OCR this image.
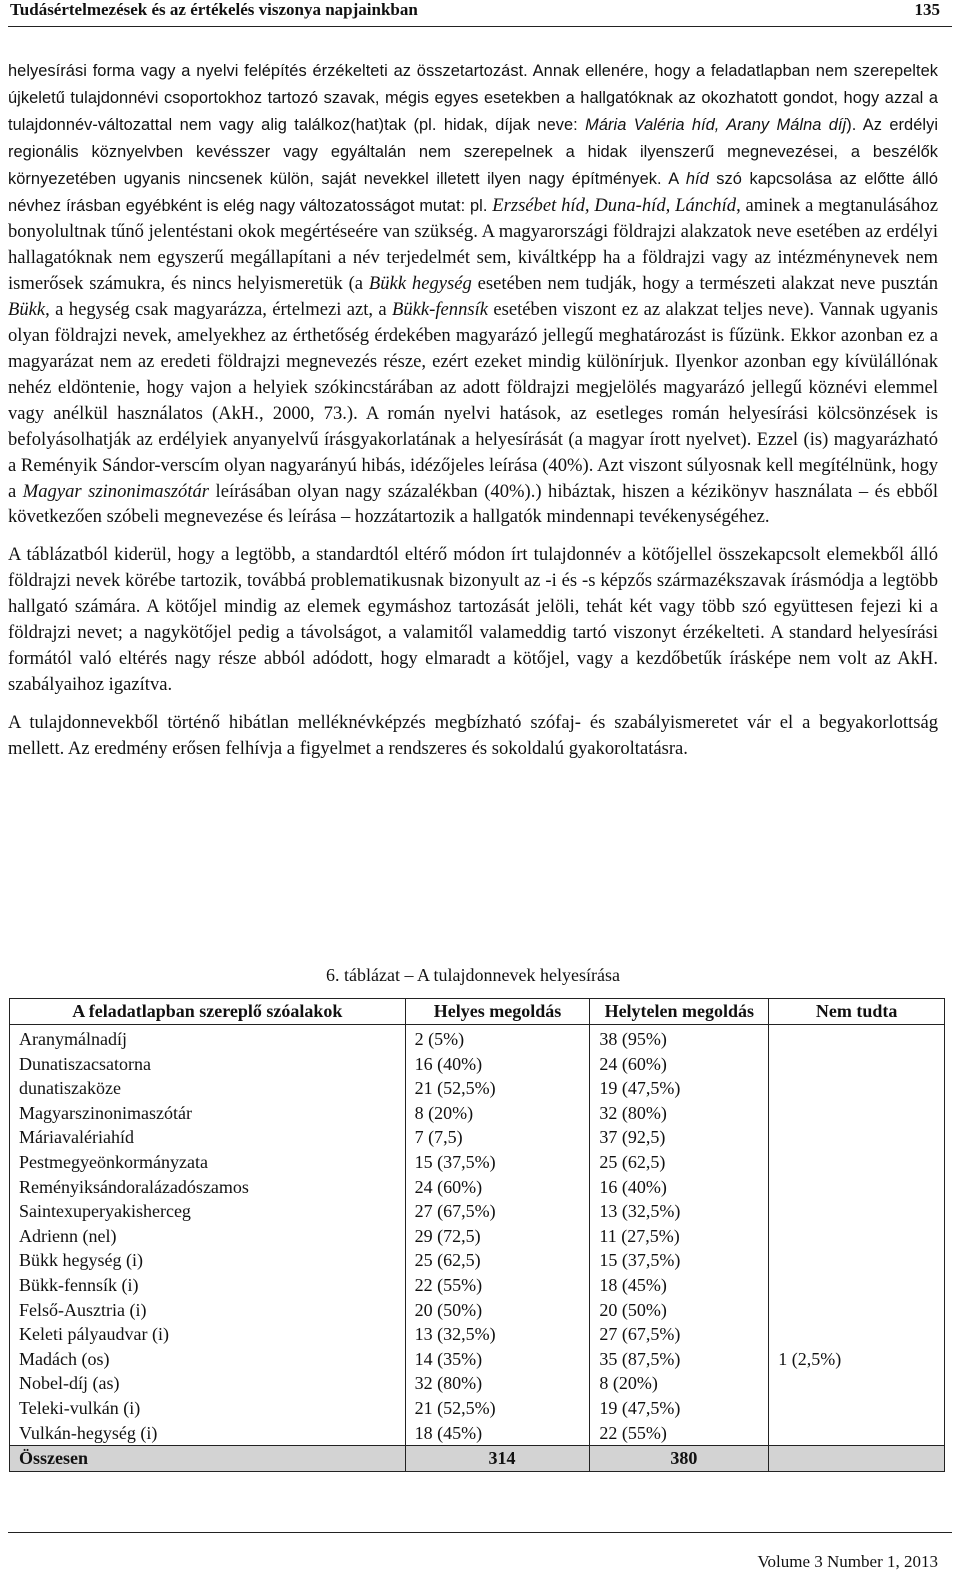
Tudásértelmezések és az értékelés viszonya napjainkban	135

helyesírási forma vagy a nyelvi felépítés érzékelteti az összetartozást. Annak ellenére, hogy a feladatlapban nem szerepeltek újkeletű tulajdonnévi csoportokhoz tartozó szavak, mégis egyes esetekben a hallgatóknak az okozhatott gondot, hogy azzal a tulajdonnév-változattal nem vagy alig találkoz(hat)tak (pl. hidak, díjak neve: Mária Valéria híd, Arany Málna díj). Az erdélyi regionális köznyelvben kevésszer vagy egyáltalán nem szerepelnek a hidak ilyenszerű megnevezései, a beszélők környezetében ugyanis nincsenek külön, saját nevekkel illetett ilyen nagy építmények. A híd szó kapcsolása az előtte álló névhez írásban egyébként is elég nagy változatosságot mutat: pl. Erzsébet híd, Duna-híd, Lánchíd, aminek a megtanulásához bonyolultnak tűnő jelentéstani okok megértéseére van szükség. A magyarországi földrajzi alakzatok neve esetében az erdélyi hallagatóknak nem egyszerű megállapítani a név terjedelmét sem, kiváltképp ha a földrajzi vagy az intézménynevek nem ismerősek számukra, és nincs helyismeretük (a Bükk hegység esetében nem tudják, hogy a természeti alakzat neve pusztán Bükk, a hegység csak magyarázza, értelmezi azt, a Bükk-fennsík esetében viszont ez az alakzat teljes neve). Vannak ugyanis olyan földrajzi nevek, amelyekhez az érthetőség érdekében magyarázó jellegű meghatározást is fűzünk. Ekkor azonban ez a magyarázat nem az eredeti földrajzi megnevezés része, ezért ezeket mindig különírjuk. Ilyenkor azonban egy kívülállónak nehéz eldöntenie, hogy vajon a helyiek szókincstárában az adott földrajzi megjelölés magyarázó jellegű köznévi elemmel vagy anélkül használatos (AkH., 2000, 73.). A román nyelvi hatások, az esetleges román helyesírási kölcsönzések is befolyásolhatják az erdélyiek anyanyelvű írásgyakorlatának a helyesírását (a magyar írott nyelvet). Ezzel (is) magyarázható a Reményik Sándor-verscím olyan nagyarányú hibás, idézőjeles leírása (40%). Azt viszont súlyosnak kell megítélnünk, hogy a Magyar szinonimaszótár leírásában olyan nagy százalékban (40%).) hibáztak, hiszen a kézikönyv használata – és ebből következően szóbeli megnevezése és leírása – hozzátartozik a hallgatók mindennapi tevékenységéhez.

A táblázatból kiderül, hogy a legtöbb, a standardtól eltérő módon írt tulajdonnév a kötőjellel összekapcsolt elemekből álló földrajzi nevek körébe tartozik, továbbá problematikusnak bizonyult az -i és -s képzős származékszavak írásmódja a legtöbb hallgató számára. A kötőjel mindig az elemek egymáshoz tartozását jelöli, tehát két vagy több szó együttesen fejezi ki a földrajzi nevet; a nagykötőjel pedig a távolságot, a valamitől valameddig tartó viszonyt érzékelteti. A standard helyesírási formától való eltérés nagy része abból adódott, hogy elmaradt a kötőjel, vagy a kezdőbetűk írásképe nem volt az AkH. szabályaihoz igazítva.

A tulajdonnevekből történő hibátlan melléknévképzés megbízható szófaj- és szabályismeretet vár el a begyakorlottság mellett. Az eredmény erősen felhívja a figyelmet a rendszeres és sokoldalú gyakoroltatásra.

6. táblázat – A tulajdonnevek helyesírása
A feladatlapban szereplő szóalakok	Helyes megoldás	Helytelen megoldás	Nem tudta
Aranymálnadíj	2 (5%)	38 (95%)	
Dunatiszacsatorna	16 (40%)	24 (60%)	
dunatiszaköze	21 (52,5%)	19 (47,5%)	
Magyarszinonimaszótár	8 (20%)	32 (80%)	
Máriavalériahíd	7 (7,5)	37 (92,5)	
Pestmegyeönkormányzata	15 (37,5%)	25 (62,5)	
Reményiksándoralázadószamos	24 (60%)	16 (40%)	
Saintexuperyakisherceg	27 (67,5%)	13 (32,5%)	
Adrienn (nel)	29 (72,5)	11 (27,5%)	
Bükk hegység (i)	25 (62,5)	15 (37,5%)	
Bükk-fennsík (i)	22 (55%)	18 (45%)	
Felső-Ausztria (i)	20 (50%)	20 (50%)	
Keleti pályaudvar (i)	13 (32,5%)	27 (67,5%)	
Madách (os)	14 (35%)	35 (87,5%)	1 (2,5%)
Nobel-díj (as)	32 (80%)	8 (20%)	
Teleki-vulkán (i)	21 (52,5%)	19 (47,5%)	
Vulkán-hegység (i)	18 (45%)	22 (55%)	
Összesen	314	380	
Volume 3 Number 1, 2013
